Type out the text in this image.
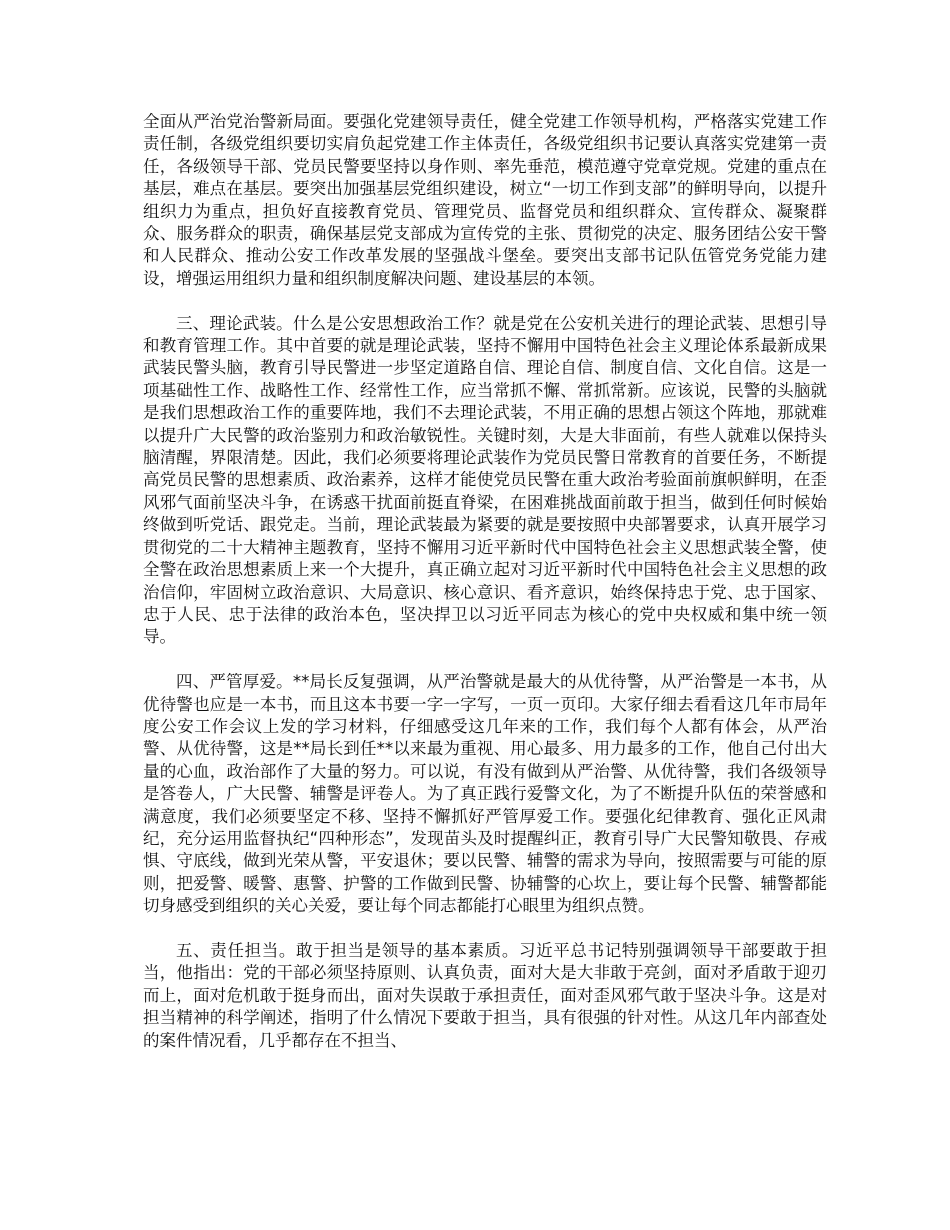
全面从严治党治警新局面。要强化党建领导责任，健全党建工作领导机构，严格落实党建工作责任制，各级党组织要切实肩负起党建工作主体责任，各级党组织书记要认真落实党建第一责任，各级领导干部、党员民警要坚持以身作则、率先垂范，模范遵守党章党规。党建的重点在基层，难点在基层。要突出加强基层党组织建设，树立“一切工作到支部”的鲜明导向，以提升组织力为重点，担负好直接教育党员、管理党员、监督党员和组织群众、宣传群众、凝聚群众、服务群众的职责，确保基层党支部成为宣传党的主张、贯彻党的决定、服务团结公安干警和人民群众、推动公安工作改革发展的坚强战斗堡垒。要突出支部书记队伍管党务党能力建设，增强运用组织力量和组织制度解决问题、建设基层的本领。

三、理论武装。什么是公安思想政治工作？就是党在公安机关进行的理论武装、思想引导和教育管理工作。其中首要的就是理论武装，坚持不懈用中国特色社会主义理论体系最新成果武装民警头脑，教育引导民警进一步坚定道路自信、理论自信、制度自信、文化自信。这是一项基础性工作、战略性工作、经常性工作，应当常抓不懈、常抓常新。应该说，民警的头脑就是我们思想政治工作的重要阵地，我们不去理论武装，不用正确的思想占领这个阵地，那就难以提升广大民警的政治鉴别力和政治敏锐性。关键时刻，大是大非面前，有些人就难以保持头脑清醒，界限清楚。因此，我们必须要将理论武装作为党员民警日常教育的首要任务，不断提高党员民警的思想素质、政治素养，这样才能使党员民警在重大政治考验面前旗帜鲜明，在歪风邪气面前坚决斗争，在诱惑干扰面前挺直脊梁，在困难挑战面前敢于担当，做到任何时候始终做到听党话、跟党走。当前，理论武装最为紧要的就是要按照中央部署要求，认真开展学习贯彻党的二十大精神主题教育，坚持不懈用习近平新时代中国特色社会主义思想武装全警，使全警在政治思想素质上来一个大提升，真正确立起对习近平新时代中国特色社会主义思想的政治信仰，牢固树立政治意识、大局意识、核心意识、看齐意识，始终保持忠于党、忠于国家、忠于人民、忠于法律的政治本色，坚决捍卫以习近平同志为核心的党中央权威和集中统一领导。

四、严管厚爱。**局长反复强调，从严治警就是最大的从优待警，从严治警是一本书，从优待警也应是一本书，而且这本书要一字一字写，一页一页印。大家仔细去看看这几年市局年度公安工作会议上发的学习材料，仔细感受这几年来的工作，我们每个人都有体会，从严治警、从优待警，这是**局长到任**以来最为重视、用心最多、用力最多的工作，他自己付出大量的心血，政治部作了大量的努力。可以说，有没有做到从严治警、从优待警，我们各级领导是答卷人，广大民警、辅警是评卷人。为了真正践行爱警文化，为了不断提升队伍的荣誉感和满意度，我们必须要坚定不移、坚持不懈抓好严管厚爱工作。要强化纪律教育、强化正风肃纪，充分运用监督执纪“四种形态”，发现苗头及时提醒纠正，教育引导广大民警知敬畏、存戒惧、守底线，做到光荣从警，平安退休；要以民警、辅警的需求为导向，按照需要与可能的原则，把爱警、暖警、惠警、护警的工作做到民警、协辅警的心坎上，要让每个民警、辅警都能切身感受到组织的关心关爱，要让每个同志都能打心眼里为组织点赞。

五、责任担当。敢于担当是领导的基本素质。习近平总书记特别强调领导干部要敢于担当，他指出：党的干部必须坚持原则、认真负责，面对大是大非敢于亮剑，面对矛盾敢于迎刃而上，面对危机敢于挺身而出，面对失误敢于承担责任，面对歪风邪气敢于坚决斗争。这是对担当精神的科学阐述，指明了什么情况下要敢于担当，具有很强的针对性。从这几年内部查处的案件情况看，几乎都存在不担当、
